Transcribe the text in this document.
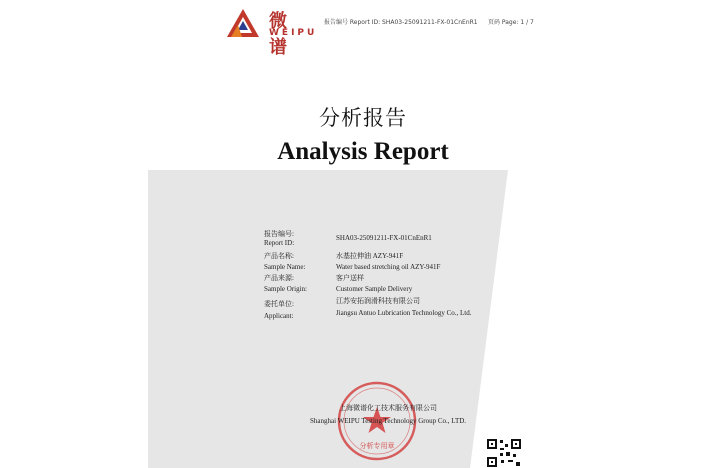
微谱
WEIPU
报告编号 Report ID: SHA03-25091211-FX-01CnEnR1 页码 Page: 1 / 7
分析报告
Analysis Report
报告编号:
Report ID:
SHA03-25091211-FX-01CnEnR1
产品名称:	水基拉伸油 AZY-941F
Sample Name:	Water based stretching oil AZY-941F
产品来源:	客户送样
Sample Origin:	Customer Sample Delivery
委托单位:	江苏安拓润滑科技有限公司
Applicant:	Jiangsu Antuo Lubrication Technology Co., Ltd.
分析专用章
上海微谱化工技术服务有限公司
Shanghai WEIPU Testing Technology Group Co., LTD.
